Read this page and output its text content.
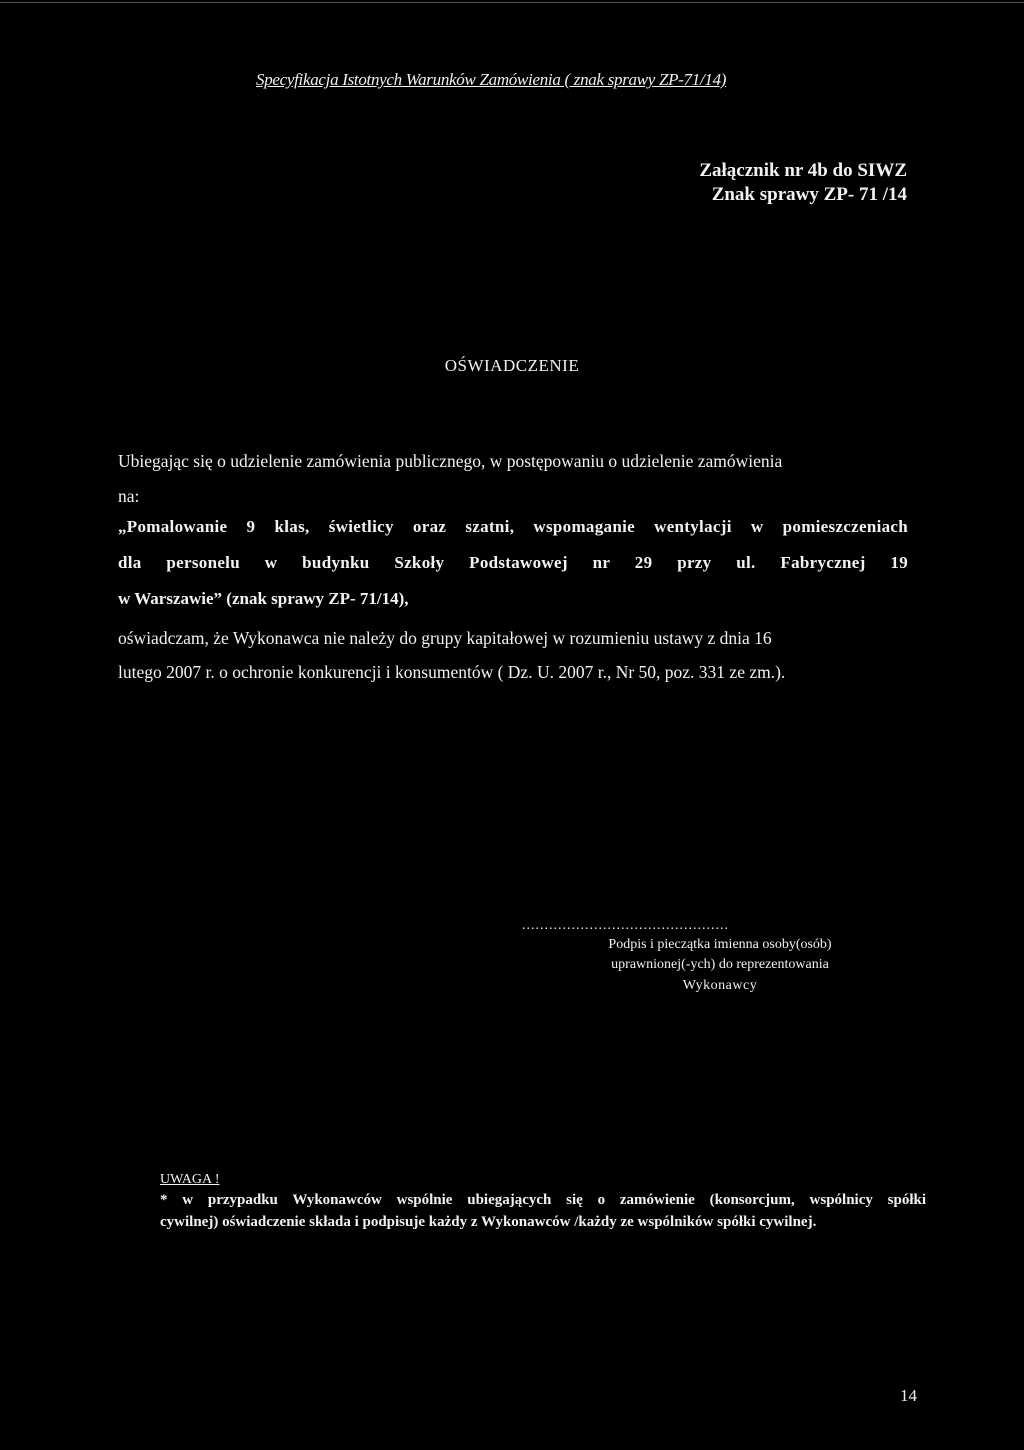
Specyfikacja Istotnych Warunków Zamówienia ( znak sprawy ZP-71/14)
Załącznik nr 4b do SIWZ
Znak sprawy ZP- 71 /14
OŚWIADCZENIE
Ubiegając się o udzielenie zamówienia publicznego, w postępowaniu o udzielenie zamówienia
na:
„Pomalowanie 9 klas, świetlicy oraz szatni, wspomaganie wentylacji w pomieszczeniach
dla personelu w budynku Szkoły Podstawowej nr 29 przy ul. Fabrycznej 19
w Warszawie” (znak sprawy ZP- 71/14),
oświadczam, że Wykonawca nie należy do grupy kapitałowej w rozumieniu ustawy z dnia 16
lutego 2007 r. o ochronie konkurencji i konsumentów ( Dz. U. 2007 r., Nr 50, poz. 331 ze zm.).
..............................................
Podpis i pieczątka imienna osoby(osób)
uprawnionej(-ych) do reprezentowania
Wykonawcy
UWAGA !
* w przypadku Wykonawców wspólnie ubiegających się o zamówienie (konsorcjum, wspólnicy spółki
cywilnej) oświadczenie składa i podpisuje każdy z Wykonawców /każdy ze wspólników spółki cywilnej.
14
